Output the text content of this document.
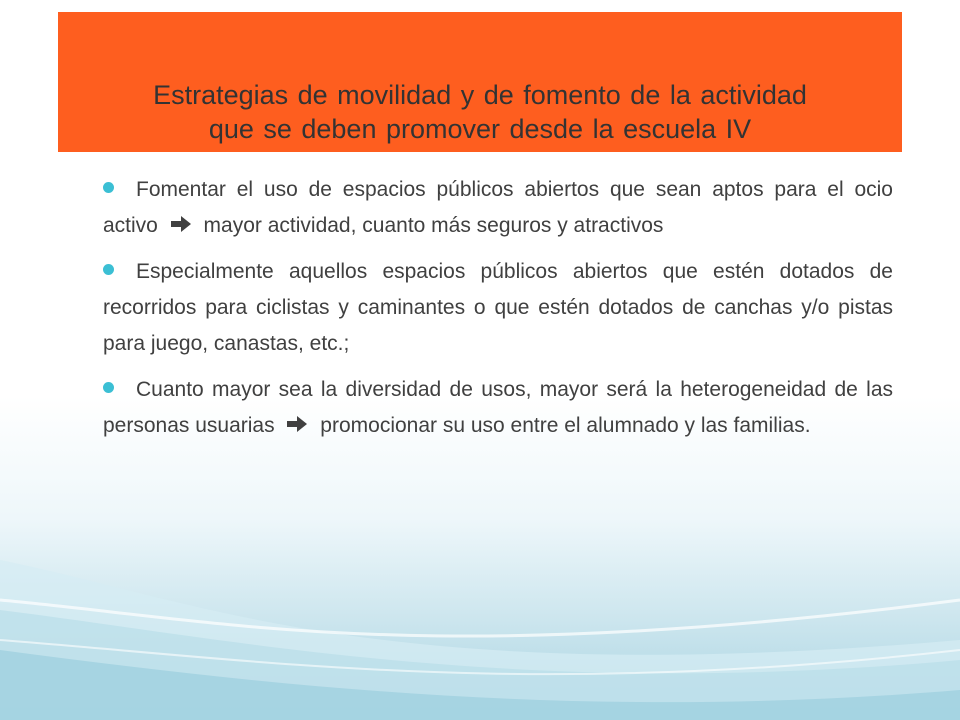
Estrategias de movilidad y de fomento de la actividad
que se deben promover desde la escuela IV
Fomentar el uso de espacios públicos abiertos que sean aptos para el ocio activo mayor actividad, cuanto más seguros y atractivos
Especialmente aquellos espacios públicos abiertos que estén dotados de recorridos para ciclistas y caminantes o que estén dotados de canchas y/o pistas para juego, canastas, etc.;
Cuanto mayor sea la diversidad de usos, mayor será la heterogeneidad de las personas usuarias promocionar su uso entre el alumnado y las familias.
